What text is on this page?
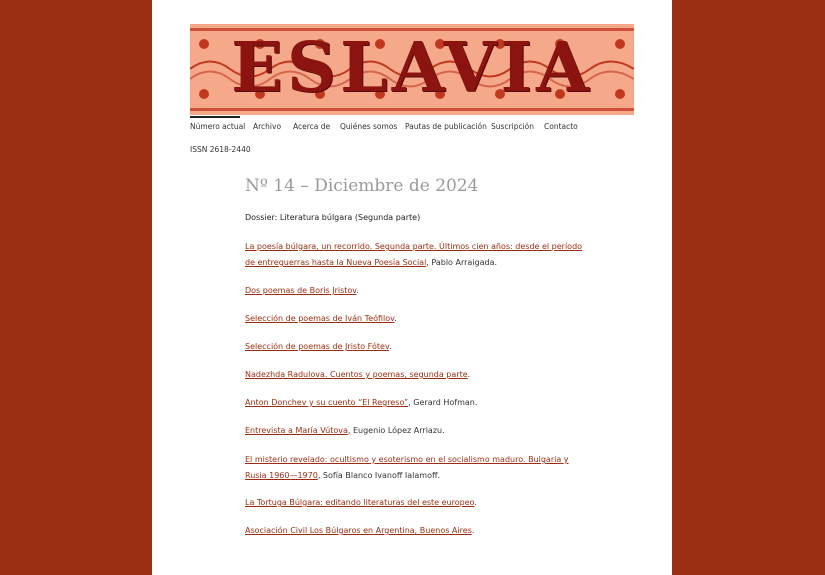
ESLAVIA
Número actual Archivo Acerca de Quiénes somos Pautas de publicación Suscripción Contacto
ISSN 2618-2440
Nº 14 – Diciembre de 2024
Dossier: Literatura búlgara (Segunda parte)
La poesía búlgara, un recorrido. Segunda parte. Últimos cien años: desde el período de entreguerras hasta la Nueva Poesía Social, Pablo Arraigada.
Dos poemas de Boris Jristov.
Selección de poemas de Iván Teófilov.
Selección de poemas de Jristo Fótev.
Nadezhda Radulova. Cuentos y poemas, segunda parte.
Anton Donchev y su cuento “El Regreso”, Gerard Hofman.
Entrevista a María Vútova, Eugenio López Arriazu.
El misterio revelado: ocultismo y esoterismo en el socialismo maduro. Bulgaria y Rusia 1960—1970, Sofía Blanco Ivanoff Ialamoff.
La Tortuga Búlgara: editando literaturas del este europeo.
Asociación Civil Los Búlgaros en Argentina, Buenos Aires.
